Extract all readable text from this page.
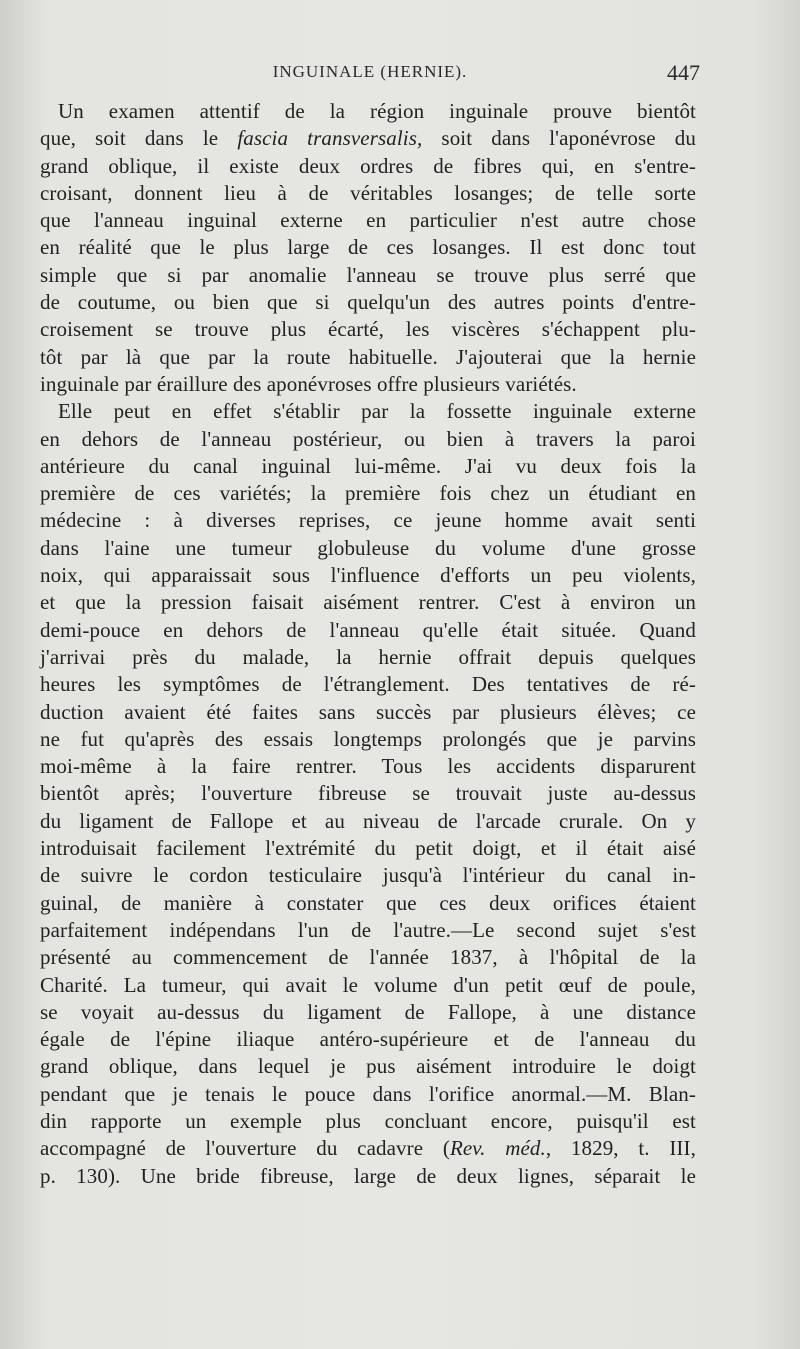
INGUINALE (HERNIE).	447
Un examen attentif de la région inguinale prouve bientôt
que, soit dans le fascia transversalis, soit dans l'aponévrose du
grand oblique, il existe deux ordres de fibres qui, en s'entre-
croisant, donnent lieu à de véritables losanges; de telle sorte
que l'anneau inguinal externe en particulier n'est autre chose
en réalité que le plus large de ces losanges. Il est donc tout
simple que si par anomalie l'anneau se trouve plus serré que
de coutume, ou bien que si quelqu'un des autres points d'entre-
croisement se trouve plus écarté, les viscères s'échappent plu-
tôt par là que par la route habituelle. J'ajouterai que la hernie
inguinale par éraillure des aponévroses offre plusieurs variétés.
Elle peut en effet s'établir par la fossette inguinale externe
en dehors de l'anneau postérieur, ou bien à travers la paroi
antérieure du canal inguinal lui-même. J'ai vu deux fois la
première de ces variétés; la première fois chez un étudiant en
médecine : à diverses reprises, ce jeune homme avait senti
dans l'aine une tumeur globuleuse du volume d'une grosse
noix, qui apparaissait sous l'influence d'efforts un peu violents,
et que la pression faisait aisément rentrer. C'est à environ un
demi-pouce en dehors de l'anneau qu'elle était située. Quand
j'arrivai près du malade, la hernie offrait depuis quelques
heures les symptômes de l'étranglement. Des tentatives de ré-
duction avaient été faites sans succès par plusieurs élèves; ce
ne fut qu'après des essais longtemps prolongés que je parvins
moi-même à la faire rentrer. Tous les accidents disparurent
bientôt après; l'ouverture fibreuse se trouvait juste au-dessus
du ligament de Fallope et au niveau de l'arcade crurale. On y
introduisait facilement l'extrémité du petit doigt, et il était aisé
de suivre le cordon testiculaire jusqu'à l'intérieur du canal in-
guinal, de manière à constater que ces deux orifices étaient
parfaitement indépendans l'un de l'autre.—Le second sujet s'est
présenté au commencement de l'année 1837, à l'hôpital de la
Charité. La tumeur, qui avait le volume d'un petit œuf de poule,
se voyait au-dessus du ligament de Fallope, à une distance
égale de l'épine iliaque antéro-supérieure et de l'anneau du
grand oblique, dans lequel je pus aisément introduire le doigt
pendant que je tenais le pouce dans l'orifice anormal.—M. Blan-
din rapporte un exemple plus concluant encore, puisqu'il est
accompagné de l'ouverture du cadavre (Rev. méd., 1829, t. III,
p. 130). Une bride fibreuse, large de deux lignes, séparait le
